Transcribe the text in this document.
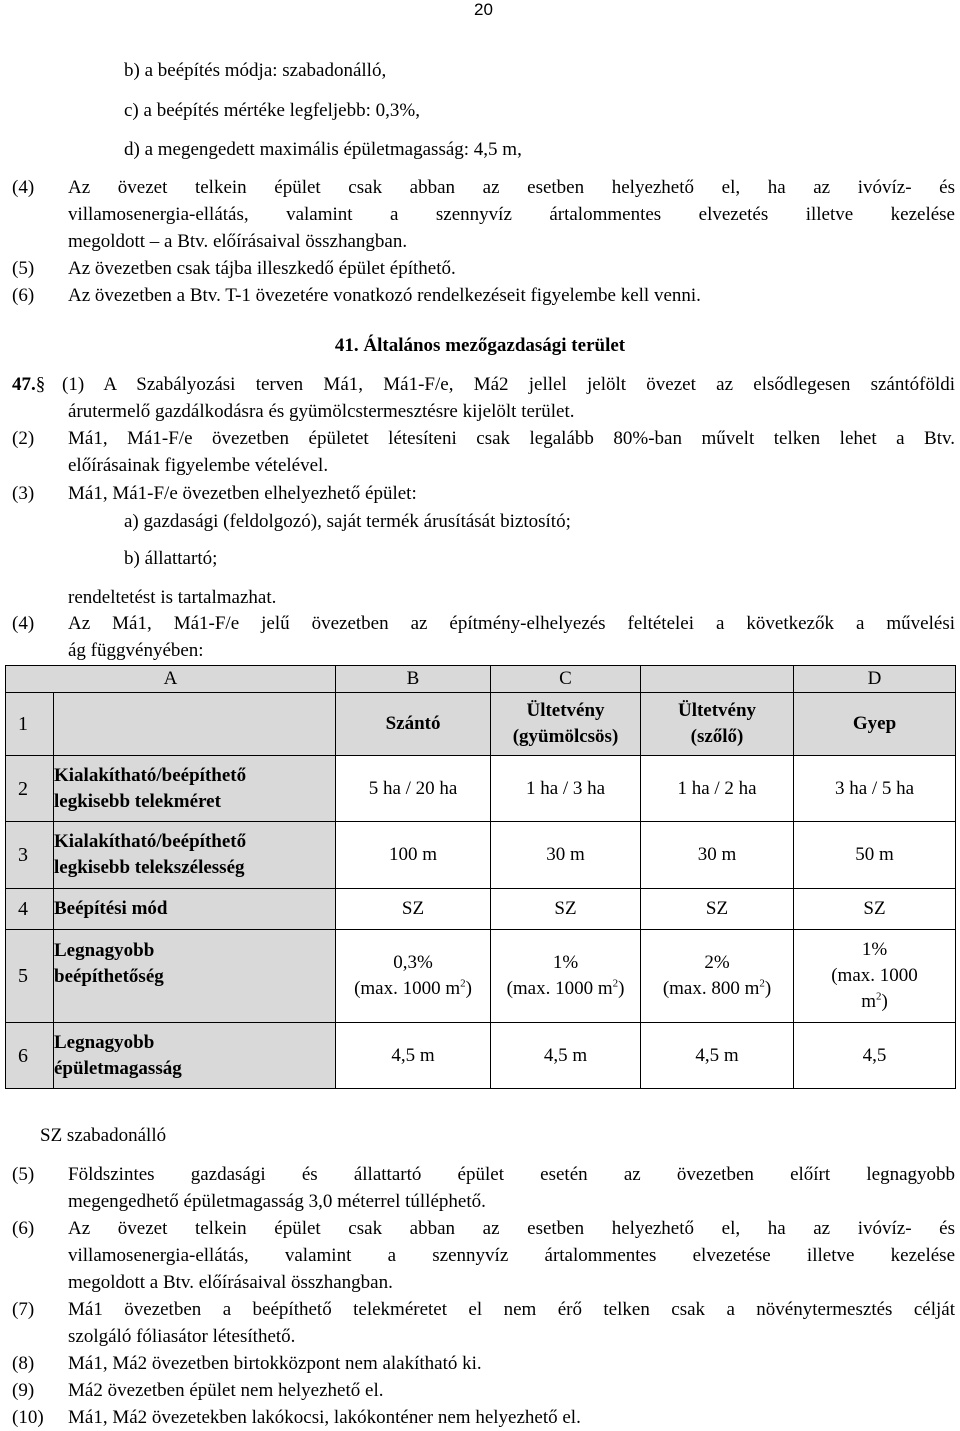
20
b) a beépítés módja: szabadonálló,
c) a beépítés mértéke legfeljebb: 0,3%,
d) a megengedett maximális épületmagasság: 4,5 m,
(4) Az övezet telkein épület csak abban az esetben helyezhető el, ha az ivóvíz- és
villamosenergia-ellátás, valamint a szennyvíz ártalommentes elvezetés illetve kezelése
megoldott – a Btv. előírásaival összhangban.
(5) Az övezetben csak tájba illeszkedő épület építhető.
(6) Az övezetben a Btv. T-1 övezetére vonatkozó rendelkezéseit figyelembe kell venni.
41. Általános mezőgazdasági terület
47.§ (1) A Szabályozási terven Má1, Má1-F/e, Má2 jellel jelölt övezet az elsődlegesen szántóföldi
árutermelő gazdálkodásra és gyümölcstermesztésre kijelölt terület.
(2) Má1, Má1-F/e övezetben épületet létesíteni csak legalább 80%-ban művelt telken lehet a Btv.
előírásainak figyelembe vételével.
(3) Má1, Má1-F/e övezetben elhelyezhető épület:
a) gazdasági (feldolgozó), saját termék árusítását biztosító;
b) állattartó;
rendeltetést is tartalmazhat.
(4) Az Má1, Má1-F/e jelű övezetben az építmény-elhelyezés feltételei a következők a művelési
ág függvényében:
A		B	C		D
1		Szántó	Ültetvény
(gyümölcsös)	Ültetvény
(szőlő)	Gyep
2	Kialakítható/beépíthető
legkisebb telekméret	5 ha / 20 ha	1 ha / 3 ha	1 ha / 2 ha	3 ha / 5 ha
3	Kialakítható/beépíthető
legkisebb telekszélesség	100 m	30 m	30 m	50 m
4	Beépítési mód	SZ	SZ	SZ	SZ
5	Legnagyobb
beépíthetőség	0,3%
(max. 1000 $m^2$)	1%
(max. 1000 $m^2$)	2%
(max. 800 $m^2$)	1%
(max. 1000
$m^2$)
6	Legnagyobb
épületmagasság	4,5 m	4,5 m	4,5 m	4,5
SZ szabadonálló
(5) Földszintes gazdasági és állattartó épület esetén az övezetben előírt legnagyobb
megengedhető épületmagasság 3,0 méterrel túlléphető.
(6) Az övezet telkein épület csak abban az esetben helyezhető el, ha az ivóvíz- és
villamosenergia-ellátás, valamint a szennyvíz ártalommentes elvezetése illetve kezelése
megoldott a Btv. előírásaival összhangban.
(7) Má1 övezetben a beépíthető telekméretet el nem érő telken csak a növénytermesztés célját
szolgáló fóliasátor létesíthető.
(8) Má1, Má2 övezetben birtokközpont nem alakítható ki.
(9) Má2 övezetben épület nem helyezhető el.
(10) Má1, Má2 övezetekben lakókocsi, lakókonténer nem helyezhető el.
